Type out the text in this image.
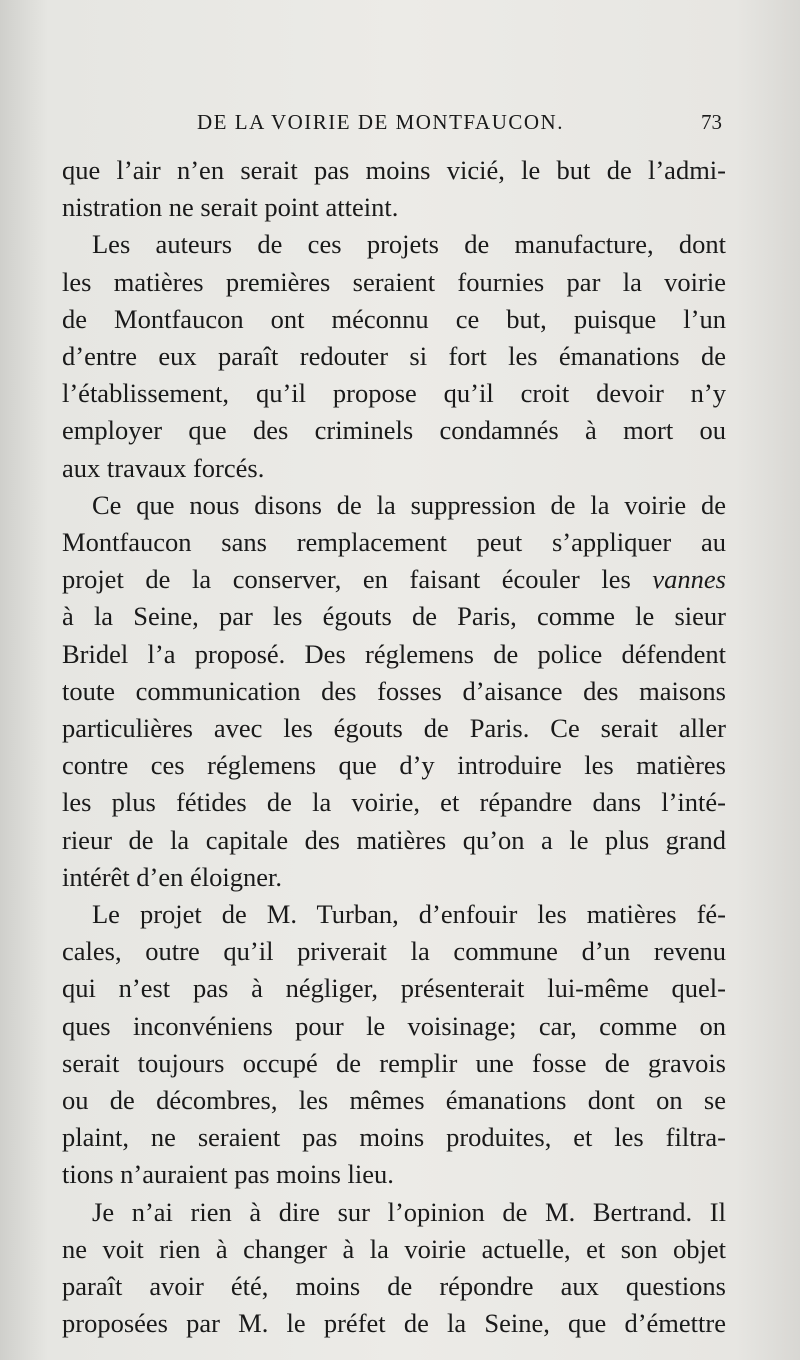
DE LA VOIRIE DE MONTFAUCON.	73
que l’air n’en serait pas moins vicié, le but de l’admi-
nistration ne serait point atteint.
Les auteurs de ces projets de manufacture, dont
les matières premières seraient fournies par la voirie
de Montfaucon ont méconnu ce but, puisque l’un
d’entre eux paraît redouter si fort les émanations de
l’établissement, qu’il propose qu’il croit devoir n’y
employer que des criminels condamnés à mort ou
aux travaux forcés.
Ce que nous disons de la suppression de la voirie de
Montfaucon sans remplacement peut s’appliquer au
projet de la conserver, en faisant écouler les vannes
à la Seine, par les égouts de Paris, comme le sieur
Bridel l’a proposé. Des réglemens de police défendent
toute communication des fosses d’aisance des maisons
particulières avec les égouts de Paris. Ce serait aller
contre ces réglemens que d’y introduire les matières
les plus fétides de la voirie, et répandre dans l’inté-
rieur de la capitale des matières qu’on a le plus grand
intérêt d’en éloigner.
Le projet de M. Turban, d’enfouir les matières fé-
cales, outre qu’il priverait la commune d’un revenu
qui n’est pas à négliger, présenterait lui-même quel-
ques inconvéniens pour le voisinage; car, comme on
serait toujours occupé de remplir une fosse de gravois
ou de décombres, les mêmes émanations dont on se
plaint, ne seraient pas moins produites, et les filtra-
tions n’auraient pas moins lieu.
Je n’ai rien à dire sur l’opinion de M. Bertrand. Il
ne voit rien à changer à la voirie actuelle, et son objet
paraît avoir été, moins de répondre aux questions
proposées par M. le préfet de la Seine, que d’émettre
